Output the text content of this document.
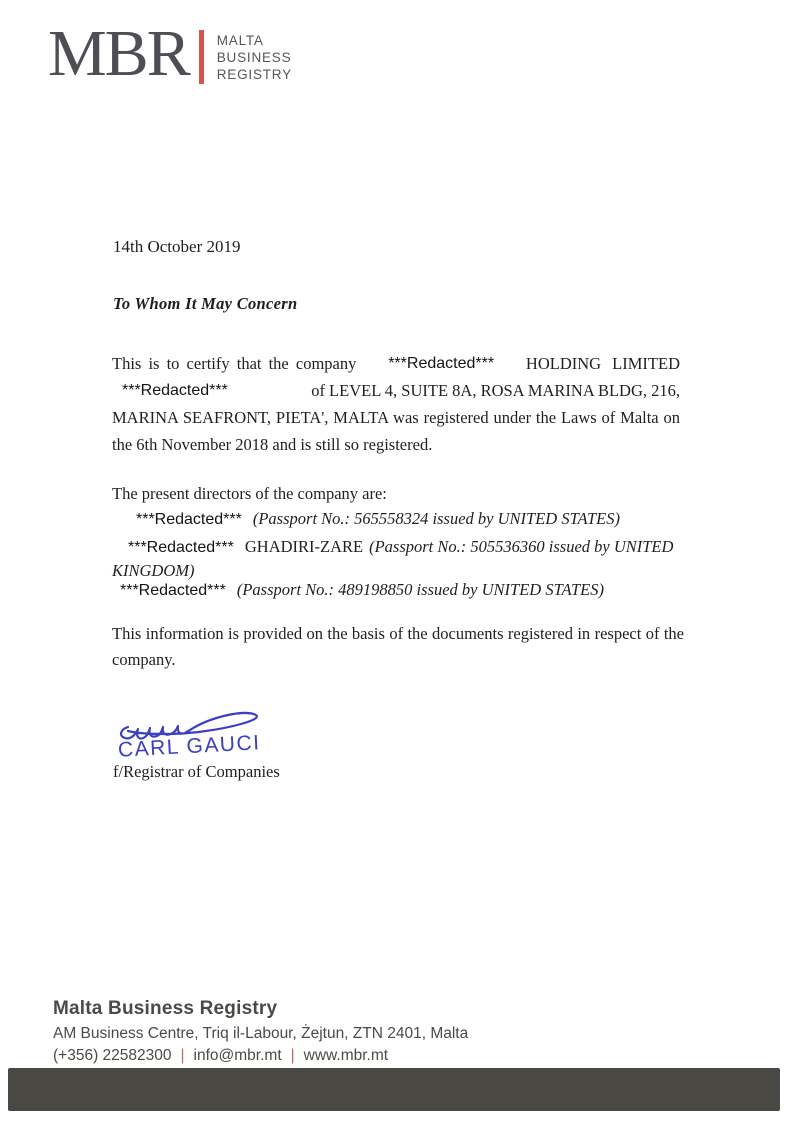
MBR MALTA
BUSINESS
REGISTRY
14th October 2019
To Whom It May Concern
This is to certify that the company ***Redacted*** HOLDING LIMITED
***Redacted***	of LEVEL 4, SUITE 8A, ROSA MARINA BLDG, 216,
MARINA SEAFRONT, PIETA', MALTA was registered under the Laws of Malta on
the 6th November 2018 and is still so registered.
The present directors of the company are:

***Redacted*** (Passport No.: 565558324 issued by UNITED STATES)

***Redacted*** GHADIRI-ZARE (Passport No.: 505536360 issued by UNITED
KINGDOM)

***Redacted*** (Passport No.: 489198850 issued by UNITED STATES)

This information is provided on the basis of the documents registered in respect of the company.

CARL GAUCI
f/Registrar of Companies
Malta Business Registry
AM Business Centre, Triq il-Labour, Żejtun, ZTN 2401, Malta
(+356) 22582300 | info@mbr.mt | www.mbr.mt
